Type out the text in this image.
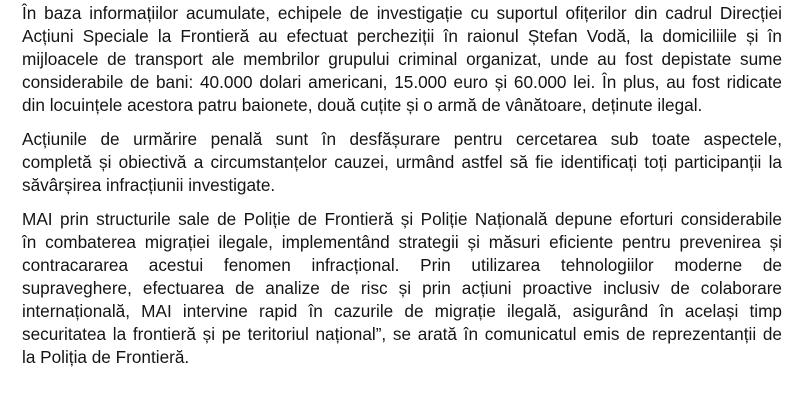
În baza informațiilor acumulate, echipele de investigație cu suportul ofițerilor din cadrul Direcției
Acțiuni Speciale la Frontieră au efectuat percheziții în raionul Ștefan Vodă, la domiciliile și în
mijloacele de transport ale membrilor grupului criminal organizat, unde au fost depistate sume
considerabile de bani: 40.000 dolari americani, 15.000 euro și 60.000 lei. În plus, au fost ridicate
din locuințele acestora patru baionete, două cuțite și o armă de vânătoare, deținute ilegal.
Acțiunile de urmărire penală sunt în desfășurare pentru cercetarea sub toate aspectele,
completă și obiectivă a circumstanțelor cauzei, urmând astfel să fie identificați toți participanții la
săvârșirea infracțiunii investigate.
MAI prin structurile sale de Poliție de Frontieră și Poliție Națională depune eforturi considerabile
în combaterea migrației ilegale, implementând strategii și măsuri eficiente pentru prevenirea și
contracararea acestui fenomen infracțional. Prin utilizarea tehnologiilor moderne de
supraveghere, efectuarea de analize de risc și prin acțiuni proactive inclusiv de colaborare
internațională, MAI intervine rapid în cazurile de migrație ilegală, asigurând în același timp
securitatea la frontieră și pe teritoriul național”, se arată în comunicatul emis de reprezentanții de
la Poliția de Frontieră.
